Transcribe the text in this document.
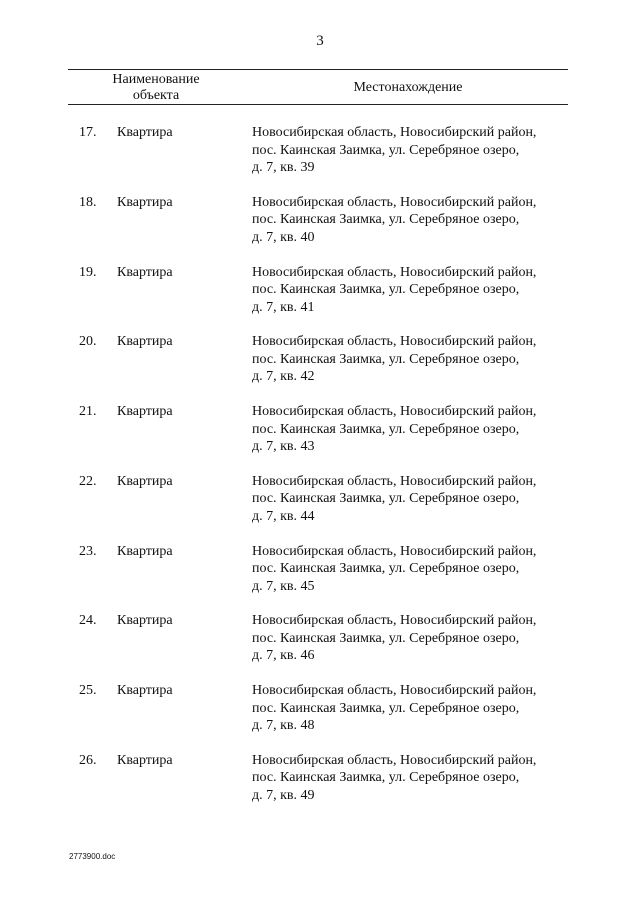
3
Наименование
объекта
Местонахождение
17.	Квартира	Новосибирская область, Новосибирский район,
пос. Каинская Заимка, ул. Серебряное озеро,
д. 7, кв. 39
18.	Квартира	Новосибирская область, Новосибирский район,
пос. Каинская Заимка, ул. Серебряное озеро,
д. 7, кв. 40
19.	Квартира	Новосибирская область, Новосибирский район,
пос. Каинская Заимка, ул. Серебряное озеро,
д. 7, кв. 41
20.	Квартира	Новосибирская область, Новосибирский район,
пос. Каинская Заимка, ул. Серебряное озеро,
д. 7, кв. 42
21.	Квартира	Новосибирская область, Новосибирский район,
пос. Каинская Заимка, ул. Серебряное озеро,
д. 7, кв. 43
22.	Квартира	Новосибирская область, Новосибирский район,
пос. Каинская Заимка, ул. Серебряное озеро,
д. 7, кв. 44
23.	Квартира	Новосибирская область, Новосибирский район,
пос. Каинская Заимка, ул. Серебряное озеро,
д. 7, кв. 45
24.	Квартира	Новосибирская область, Новосибирский район,
пос. Каинская Заимка, ул. Серебряное озеро,
д. 7, кв. 46
25.	Квартира	Новосибирская область, Новосибирский район,
пос. Каинская Заимка, ул. Серебряное озеро,
д. 7, кв. 48
26.	Квартира	Новосибирская область, Новосибирский район,
пос. Каинская Заимка, ул. Серебряное озеро,
д. 7, кв. 49
2773900.doc
